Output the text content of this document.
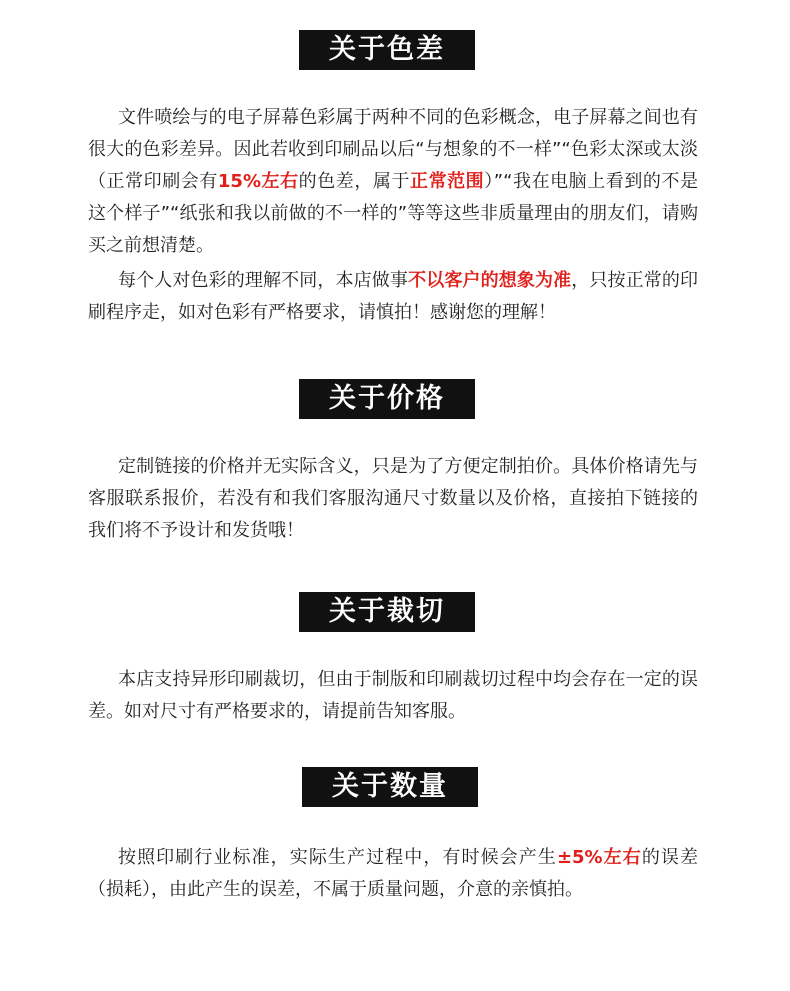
关于色差

文件喷绘与的电子屏幕色彩属于两种不同的色彩概念，电子屏幕之间也有很大的色彩差异。因此若收到印刷品以后“与想象的不一样”“色彩太深或太淡（正常印刷会有15%左右的色差，属于正常范围）”“我在电脑上看到的不是这个样子”“纸张和我以前做的不一样的”等等这些非质量理由的朋友们，请购买之前想清楚。

每个人对色彩的理解不同，本店做事不以客户的想象为准，只按正常的印刷程序走，如对色彩有严格要求，请慎拍！感谢您的理解！

关于价格

定制链接的价格并无实际含义，只是为了方便定制拍价。具体价格请先与客服联系报价，若没有和我们客服沟通尺寸数量以及价格，直接拍下链接的我们将不予设计和发货哦！

关于裁切

本店支持异形印刷裁切，但由于制版和印刷裁切过程中均会存在一定的误差。如对尺寸有严格要求的，请提前告知客服。

关于数量

按照印刷行业标准，实际生产过程中，有时候会产生±5%左右的误差（损耗），由此产生的误差，不属于质量问题，介意的亲慎拍。
